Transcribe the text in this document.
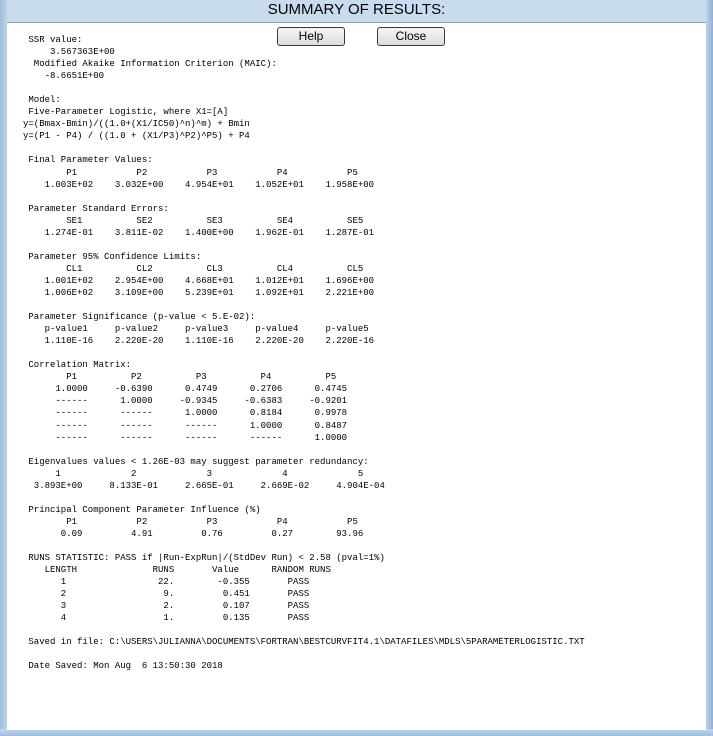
SUMMARY OF RESULTS:
SSR value:
3.567363E+00
Modified Akaike Information Criterion (MAIC):
-8.6651E+00

Model:
Five-Parameter Logistic, where X1=[A]
y=(Bmax-Bmin)/((1.0+(X1/IC50)^n)^m) + Bmin
y=(P1 - P4) / ((1.0 + (X1/P3)^P2)^P5) + P4

Final Parameter Values:
P1           P2           P3           P4           P5
1.003E+02    3.032E+00    4.954E+01    1.052E+01    1.958E+00

Parameter Standard Errors:
SE1          SE2          SE3          SE4          SE5
1.274E-01    3.811E-02    1.400E+00    1.962E-01    1.287E-01

Parameter 95% Confidence Limits:
CL1          CL2          CL3          CL4          CL5
1.001E+02    2.954E+00    4.668E+01    1.012E+01    1.696E+00
1.006E+02    3.109E+00    5.239E+01    1.092E+01    2.221E+00

Parameter Significance (p-value < 5.E-02):
p-value1     p-value2     p-value3     p-value4     p-value5
1.110E-16    2.220E-20    1.110E-16    2.220E-20    2.220E-16

Correlation Matrix:
P1          P2          P3          P4          P5
1.0000     -0.6390      0.4749      0.2706      0.4745
------      1.0000     -0.9345     -0.6383     -0.9201
------      ------      1.0000      0.8184      0.9978
------      ------      ------      1.0000      0.8487
------      ------      ------      ------      1.0000

Eigenvalues values < 1.26E-03 may suggest parameter redundancy:
1             2             3             4             5
3.893E+00     8.133E-01     2.665E-01     2.669E-02     4.904E-04

Principal Component Parameter Influence (%)
P1           P2           P3           P4           P5
0.09         4.91         0.76         0.27        93.96

RUNS STATISTIC: PASS if |Run-ExpRun|/(StdDev Run) < 2.58 (pval=1%)
LENGTH              RUNS       Value      RANDOM RUNS
1                 22.        -0.355       PASS
2                  9.         0.451       PASS
3                  2.         0.107       PASS
4                  1.         0.135       PASS

Saved in file: C:\USERS\JULIANNA\DOCUMENTS\FORTRAN\BESTCURVFIT4.1\DATAFILES\MDLS\5PARAMETERLOGISTIC.TXT

Date Saved: Mon Aug  6 13:50:30 2018
Help	Close
